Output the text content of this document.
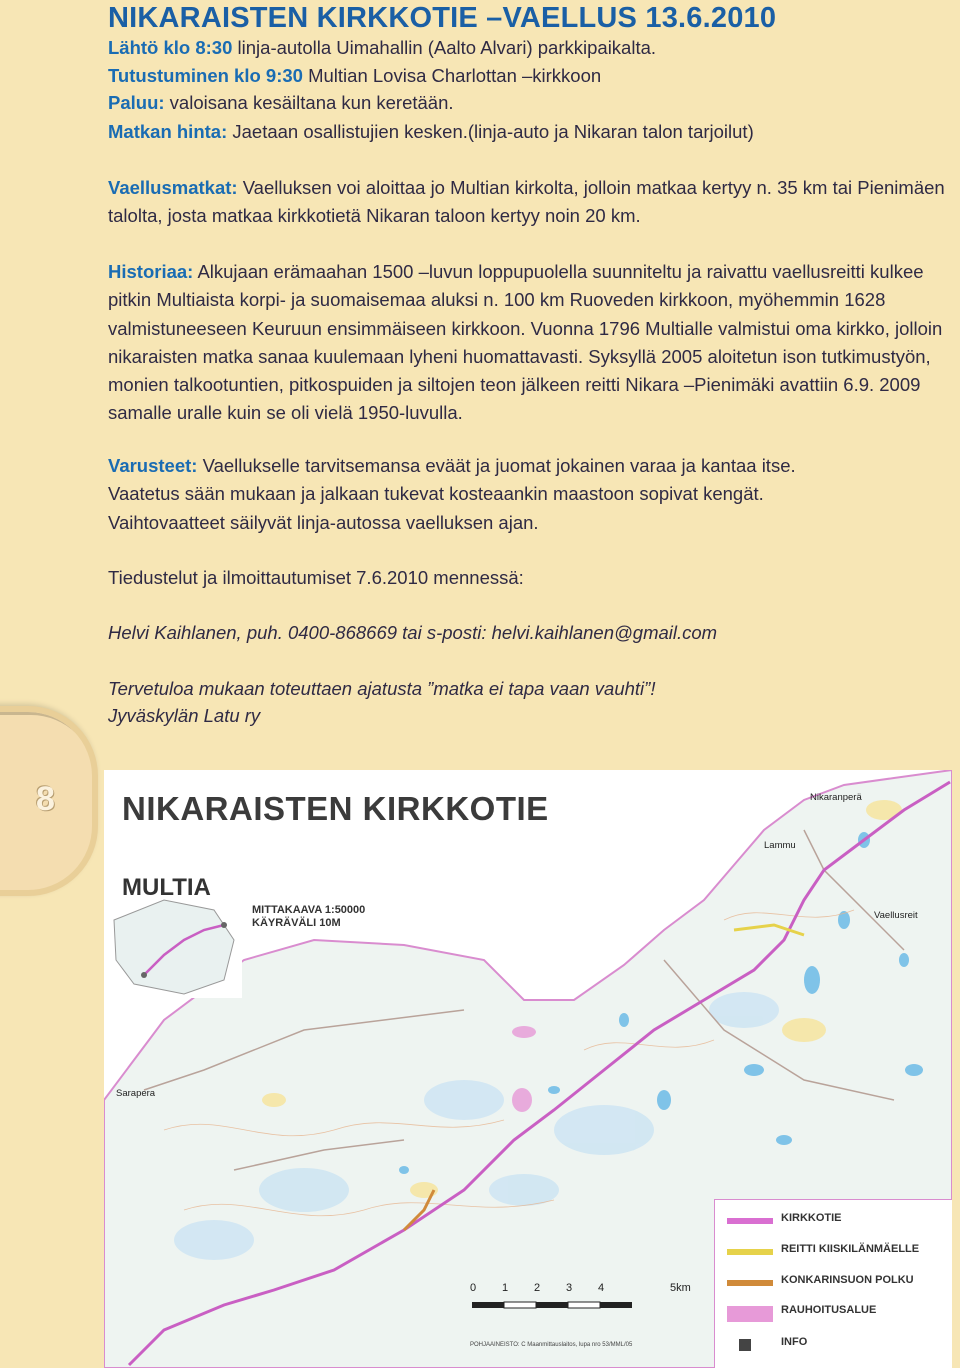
NIKARAISTEN KIRKKOTIE –VAELLUS 13.6.2010
Lähtö klo 8:30 linja-autolla Uimahallin (Aalto Alvari) parkkipaikalta.
Tutustuminen klo 9:30 Multian Lovisa Charlottan –kirkkoon
Paluu: valoisana kesäiltana kun keretään.
Matkan hinta: Jaetaan osallistujien kesken.(linja-auto ja Nikaran talon tarjoilut)

Vaellusmatkat: Vaelluksen voi aloittaa jo Multian kirkolta, jolloin matkaa kertyy n. 35 km tai Pienimäen talolta, josta matkaa kirkkotietä Nikaran taloon kertyy noin 20 km.

Historiaa: Alkujaan erämaahan 1500 –luvun loppupuolella suunniteltu ja raivattu vaellusreitti kulkee pitkin Multiaista korpi- ja suomaisemaa aluksi n. 100 km Ruoveden kirkkoon, myöhemmin 1628 valmistuneeseen Keuruun ensimmäiseen kirkkoon. Vuonna 1796 Multialle valmistui oma kirkko, jolloin nikaraisten matka sanaa kuulemaan lyheni huomattavasti. Syksyllä 2005 aloitetun ison tutkimustyön, monien talkootuntien, pitkospuiden ja siltojen teon jälkeen reitti Nikara –Pienimäki avattiin 6.9. 2009 samalle uralle kuin se oli vielä 1950-luvulla.

Varusteet: Vaellukselle tarvitsemansa eväät ja juomat jokainen varaa ja kantaa itse.

Vaatetus sään mukaan ja jalkaan tukevat kosteaankin maastoon sopivat kengät.

Vaihtovaatteet säilyvät linja-autossa vaelluksen ajan.

Tiedustelut ja ilmoittautumiset 7.6.2010 mennessä:
Helvi Kaihlanen, puh. 0400-868669 tai s-posti: helvi.kaihlanen@gmail.com
Tervetuloa mukaan toteuttaen ajatusta ”matka ei tapa vaan vauhti”!
Jyväskylän Latu ry
8 NIKARAISTEN KIRKKOTIE
MULTIA
MITTAKAAVA 1:50000
KÄYRÄVÄLI 10M
Nikaranperä
Sarapera
Lammu
Vaellusreit
0 1 2 3 4	5km
POHJAAINEISTO: C Maanmittauslaitos, lupa nro 53/MML/05
KIRKKOTIE
REITTI KIISKILÄNMÄELLE
KONKARINSUON POLKU
RAUHOITUSALUE
INFO
